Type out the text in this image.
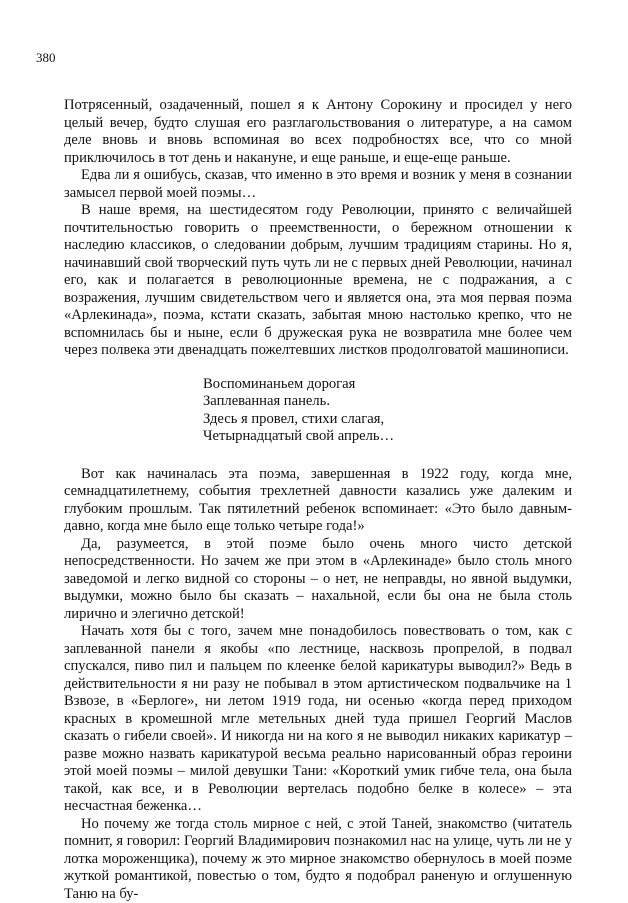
380

Потрясенный, озадаченный, пошел я к Антону Сорокину и просидел у него целый вечер, будто слушая его разглагольствования о литературе, а на самом деле вновь и вновь вспоминая во всех подробностях все, что со мной приключилось в тот день и накануне, и еще раньше, и еще-еще раньше.

Едва ли я ошибусь, сказав, что именно в это время и возник у меня в сознании замысел первой моей поэмы…

В наше время, на шестидесятом году Революции, принято с величайшей почтительностью говорить о преемственности, о бережном отношении к наследию классиков, о следовании добрым, лучшим традициям старины. Но я, начинавший свой творческий путь чуть ли не с первых дней Революции, начинал его, как и полагается в революционные времена, не с подражания, а с возражения, лучшим свидетельством чего и является она, эта моя первая поэма «Арлекинада», поэма, кстати сказать, забытая мною настолько крепко, что не вспомнилась бы и ныне, если б дружеская рука не возвратила мне более чем через полвека эти двенадцать пожелтевших листков продолговатой машинописи.

Воспоминаньем дорогая
Заплеванная панель.
Здесь я провел, стихи слагая,
Четырнадцатый свой апрель…

Вот как начиналась эта поэма, завершенная в 1922 году, когда мне, семнадцатилетнему, события трехлетней давности казались уже далеким и глубоким прошлым. Так пятилетний ребенок вспоминает: «Это было давным-давно, когда мне было еще только четыре года!»

Да, разумеется, в этой поэме было очень много чисто детской непосредственности. Но зачем же при этом в «Арлекинаде» было столь много заведомой и легко видной со стороны – о нет, не неправды, но явной выдумки, выдумки, можно было бы сказать – нахальной, если бы она не была столь лирично и элегично детской!

Начать хотя бы с того, зачем мне понадобилось повествовать о том, как с заплеванной панели я якобы «по лестнице, насквозь пропрелой, в подвал спускался, пиво пил и пальцем по клеенке белой карикатуры выводил?» Ведь в действительности я ни разу не побывал в этом артистическом подвальчике на 1 Взвозе, в «Берлоге», ни летом 1919 года, ни осенью «когда перед приходом красных в кромешной мгле метельных дней туда пришел Георгий Маслов сказать о гибели своей». И никогда ни на кого я не выводил никаких карикатур – разве можно назвать карикатурой весьма реально нарисованный образ героини этой моей поэмы – милой девушки Тани: «Короткий умик гибче тела, она была такой, как все, и в Революции вертелась подобно белке в колесе» – эта несчастная беженка…

Но почему же тогда столь мирное с ней, с этой Таней, знакомство (читатель помнит, я говорил: Георгий Владимирович познакомил нас на улице, чуть ли не у лотка мороженщика), почему ж это мирное знакомство обернулось в моей поэме жуткой романтикой, повестью о том, будто я подобрал раненую и оглушенную Таню на бу-
